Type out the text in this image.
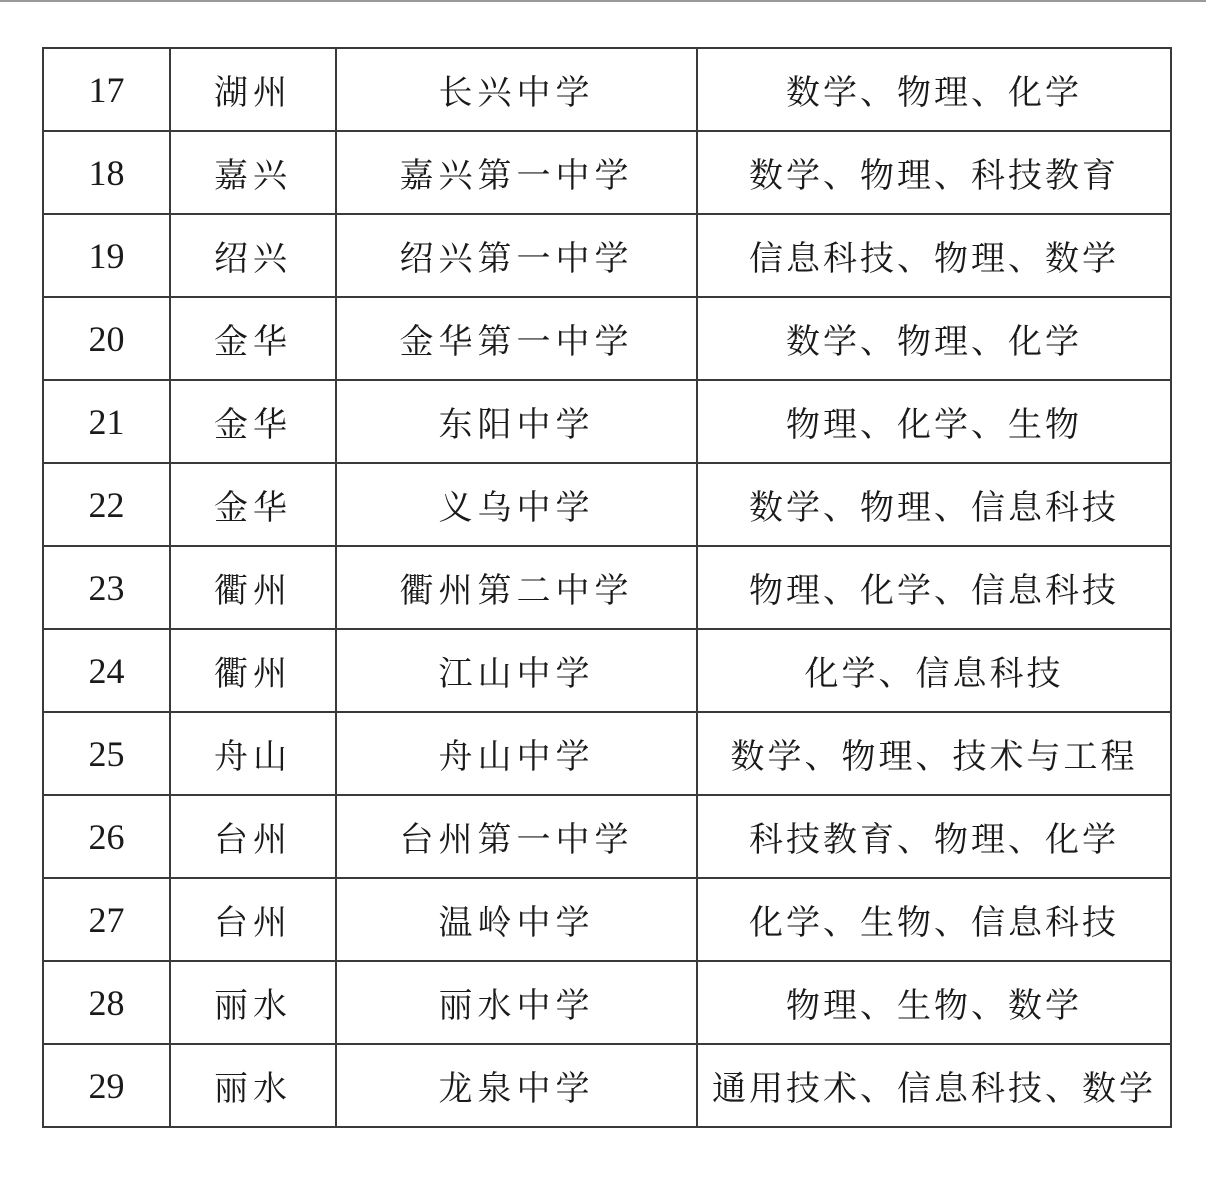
17	湖州	长兴中学	数学、物理、化学
18	嘉兴	嘉兴第一中学	数学、物理、科技教育
19	绍兴	绍兴第一中学	信息科技、物理、数学
20	金华	金华第一中学	数学、物理、化学
21	金华	东阳中学	物理、化学、生物
22	金华	义乌中学	数学、物理、信息科技
23	衢州	衢州第二中学	物理、化学、信息科技
24	衢州	江山中学	化学、信息科技
25	舟山	舟山中学	数学、物理、技术与工程
26	台州	台州第一中学	科技教育、物理、化学
27	台州	温岭中学	化学、生物、信息科技
28	丽水	丽水中学	物理、生物、数学
29	丽水	龙泉中学	通用技术、信息科技、数学
